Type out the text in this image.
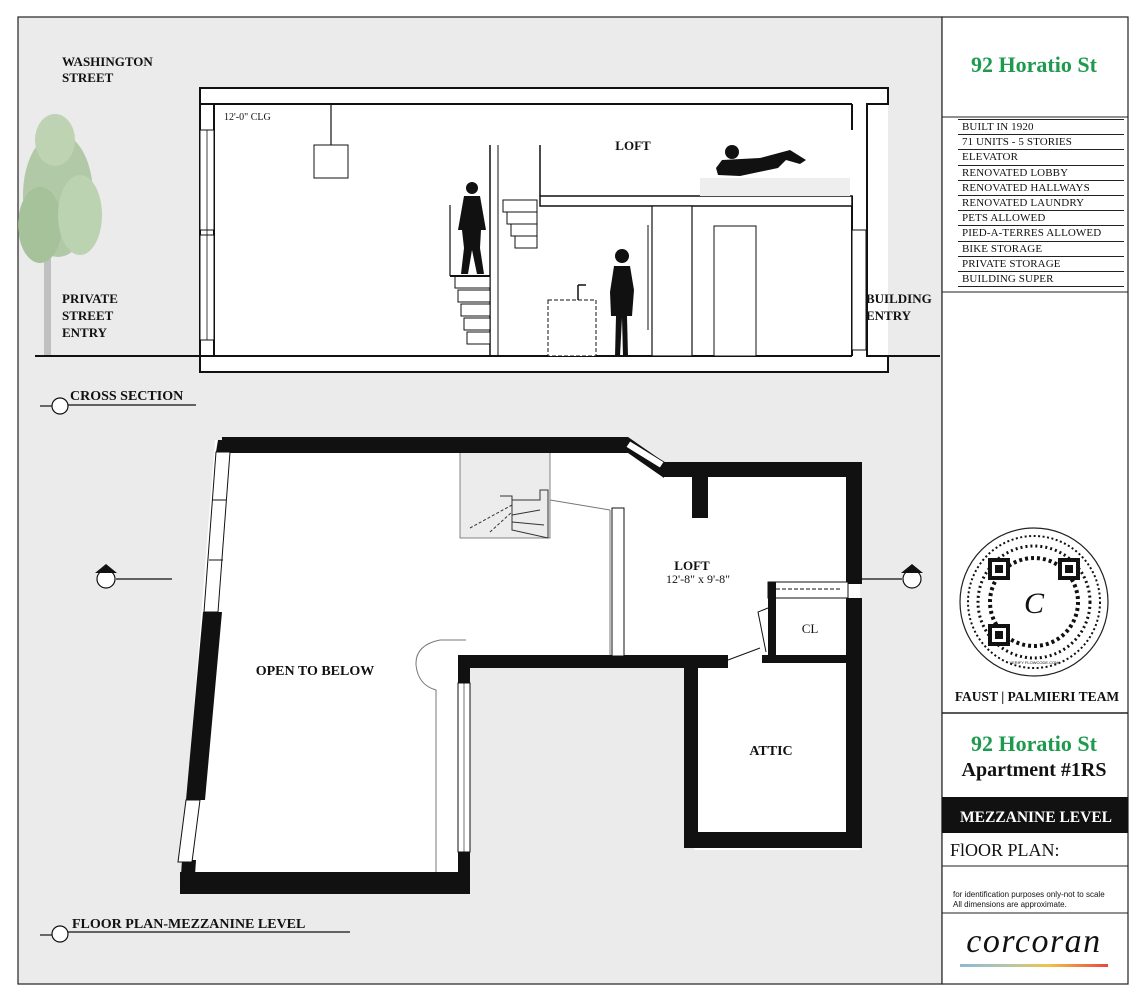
92 Horatio St
FAUST | PALMIERI TEAM
92 Horatio St
Apartment #1RS
MEZZANINE LEVEL
FlOOR PLAN:
for identification purposes only-not to scale
All dimensions are approximate.
corcoran
C
VERIFY FLOWCODE.COM
WASHINGTON
STREET
PRIVATE
STREET
ENTRY
12'-0" CLG
LOFT
BUILDING
ENTRY
CROSS SECTION
LOFT
12'-8" x 9'-8"
OPEN TO BELOW
CL
ATTIC
FLOOR PLAN-MEZZANINE LEVEL
BUILT IN 1920
71 UNITS - 5 STORIES
ELEVATOR
RENOVATED LOBBY
RENOVATED HALLWAYS
RENOVATED LAUNDRY
PETS ALLOWED
PIED-A-TERRES ALLOWED
BIKE STORAGE
PRIVATE STORAGE
BUILDING SUPER
